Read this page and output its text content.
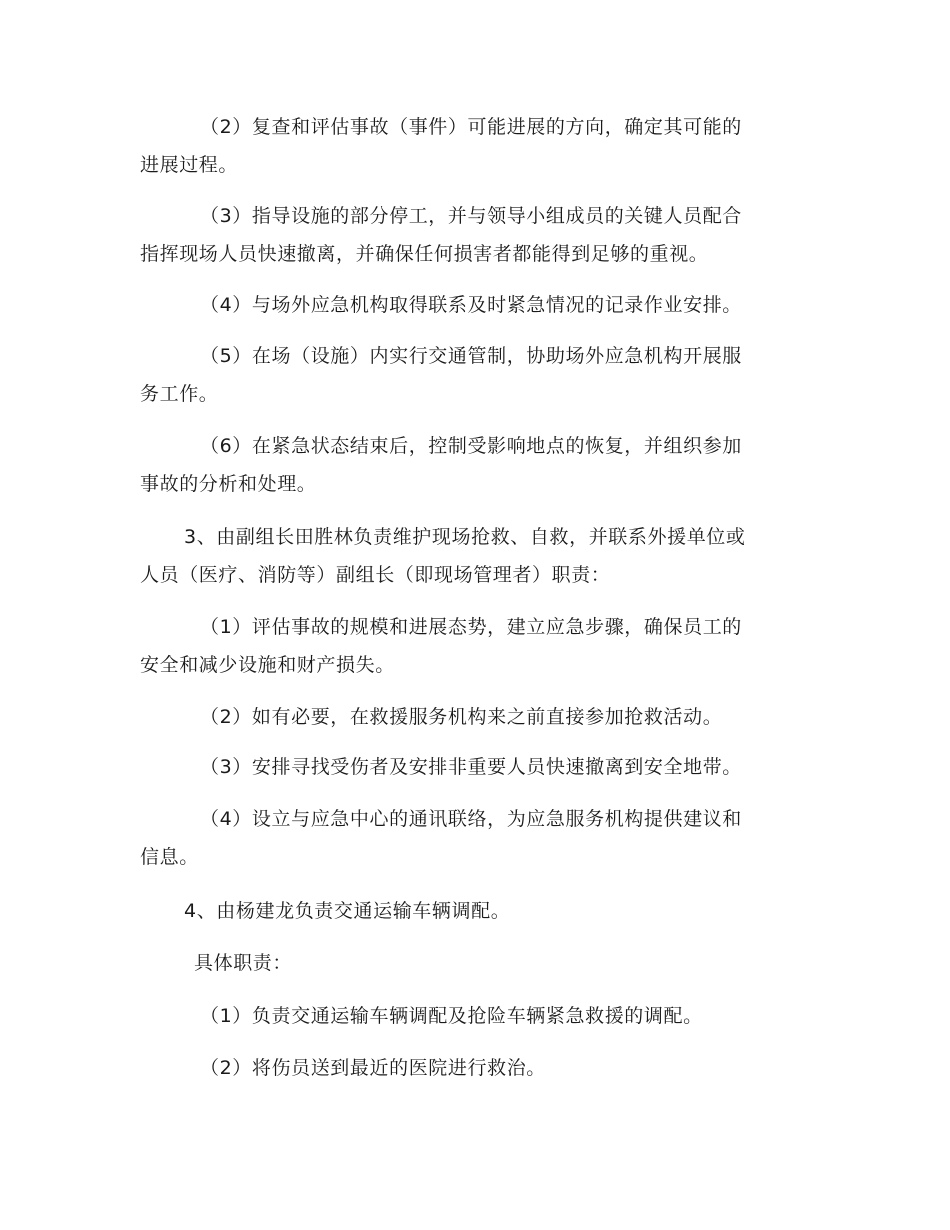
（2）复查和评估事故（事件）可能进展的方向，确定其可能的
进展过程。

（3）指导设施的部分停工，并与领导小组成员的关键人员配合
指挥现场人员快速撤离，并确保任何损害者都能得到足够的重视。

（4）与场外应急机构取得联系及时紧急情况的记录作业安排。

（5）在场（设施）内实行交通管制，协助场外应急机构开展服
务工作。

（6）在紧急状态结束后，控制受影响地点的恢复，并组织参加
事故的分析和处理。

3、由副组长田胜林负责维护现场抢救、自救，并联系外援单位或
人员（医疗、消防等）副组长（即现场管理者）职责：

（1）评估事故的规模和进展态势，建立应急步骤，确保员工的
安全和减少设施和财产损失。

（2）如有必要，在救援服务机构来之前直接参加抢救活动。

（3）安排寻找受伤者及安排非重要人员快速撤离到安全地带。

（4）设立与应急中心的通讯联络，为应急服务机构提供建议和
信息。

4、由杨建龙负责交通运输车辆调配。

具体职责：

（1）负责交通运输车辆调配及抢险车辆紧急救援的调配。

（2）将伤员送到最近的医院进行救治。
